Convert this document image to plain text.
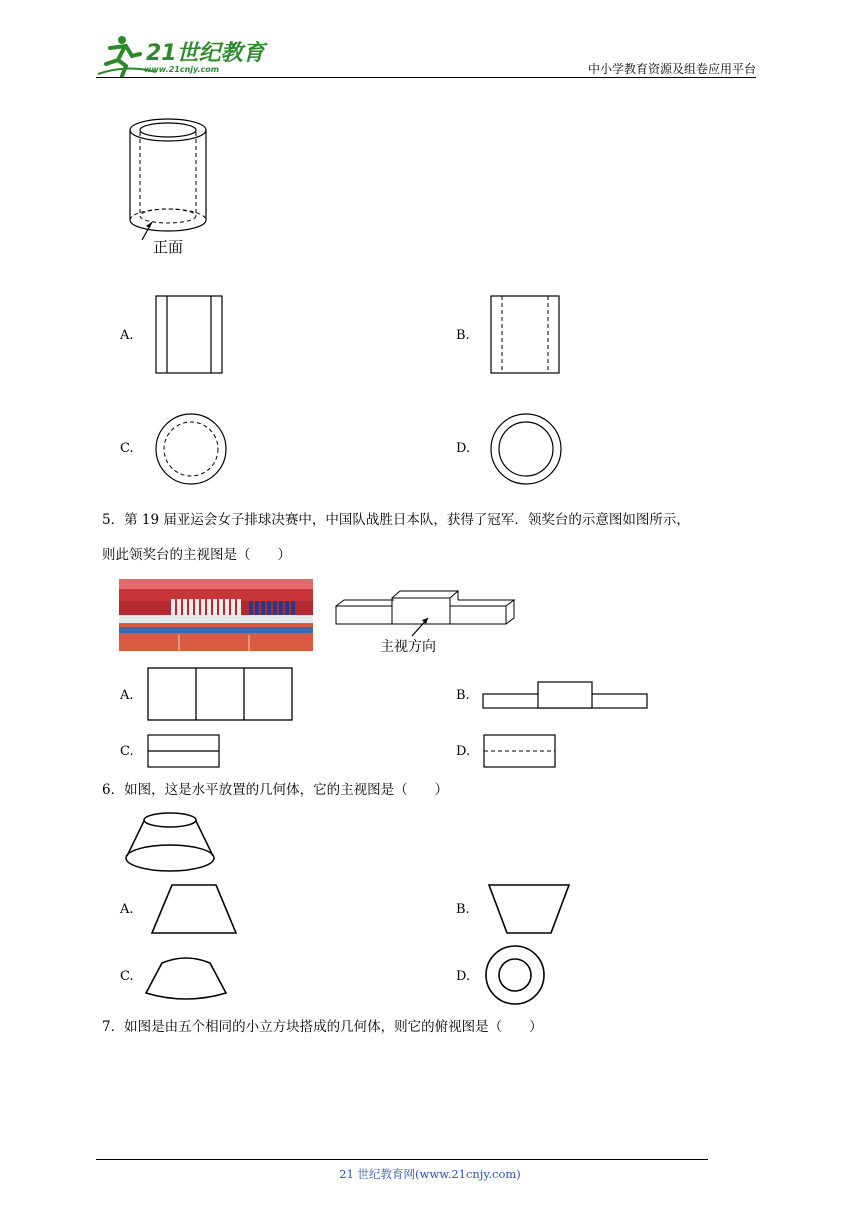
21世纪教育
www.21cnjy.com	中小学教育资源及组卷应用平台
正面
A.	B.
C.	D.
5．第 19 届亚运会女子排球决赛中，中国队战胜日本队，获得了冠军．领奖台的示意图如图所示，
则此领奖台的主视图是（　　）
主视方向
A.	B.
C.	D.
6．如图，这是水平放置的几何体，它的主视图是（　　）
A.	B.
C.	D.
7．如图是由五个相同的小立方块搭成的几何体，则它的俯视图是（　　）
21 世纪教育网(www.21cnjy.com)
